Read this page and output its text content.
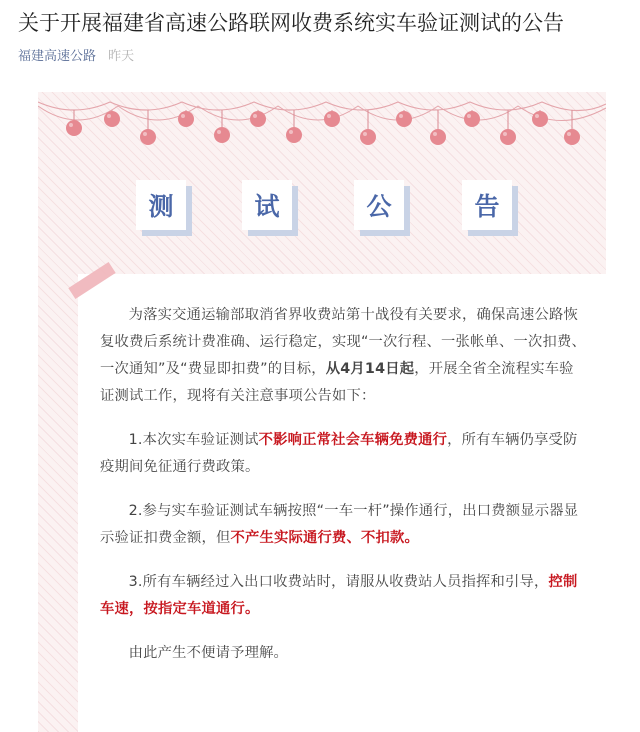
关于开展福建省高速公路联网收费系统实车验证测试的公告
福建高速公路 昨天
测	试	公	告

为落实交通运输部取消省界收费站第十战役有关要求，确保高速公路恢复收费后系统计费准确、运行稳定，实现“一次行程、一张帐单、一次扣费、一次通知”及“费显即扣费”的目标，从4月14日起，开展全省全流程实车验证测试工作，现将有关注意事项公告如下：

1.本次实车验证测试不影响正常社会车辆免费通行，所有车辆仍享受防疫期间免征通行费政策。

2.参与实车验证测试车辆按照“一车一杆”操作通行，出口费额显示器显示验证扣费金额，但不产生实际通行费、不扣款。

3.所有车辆经过入出口收费站时，请服从收费站人员指挥和引导，控制车速，按指定车道通行。

由此产生不便请予理解。
